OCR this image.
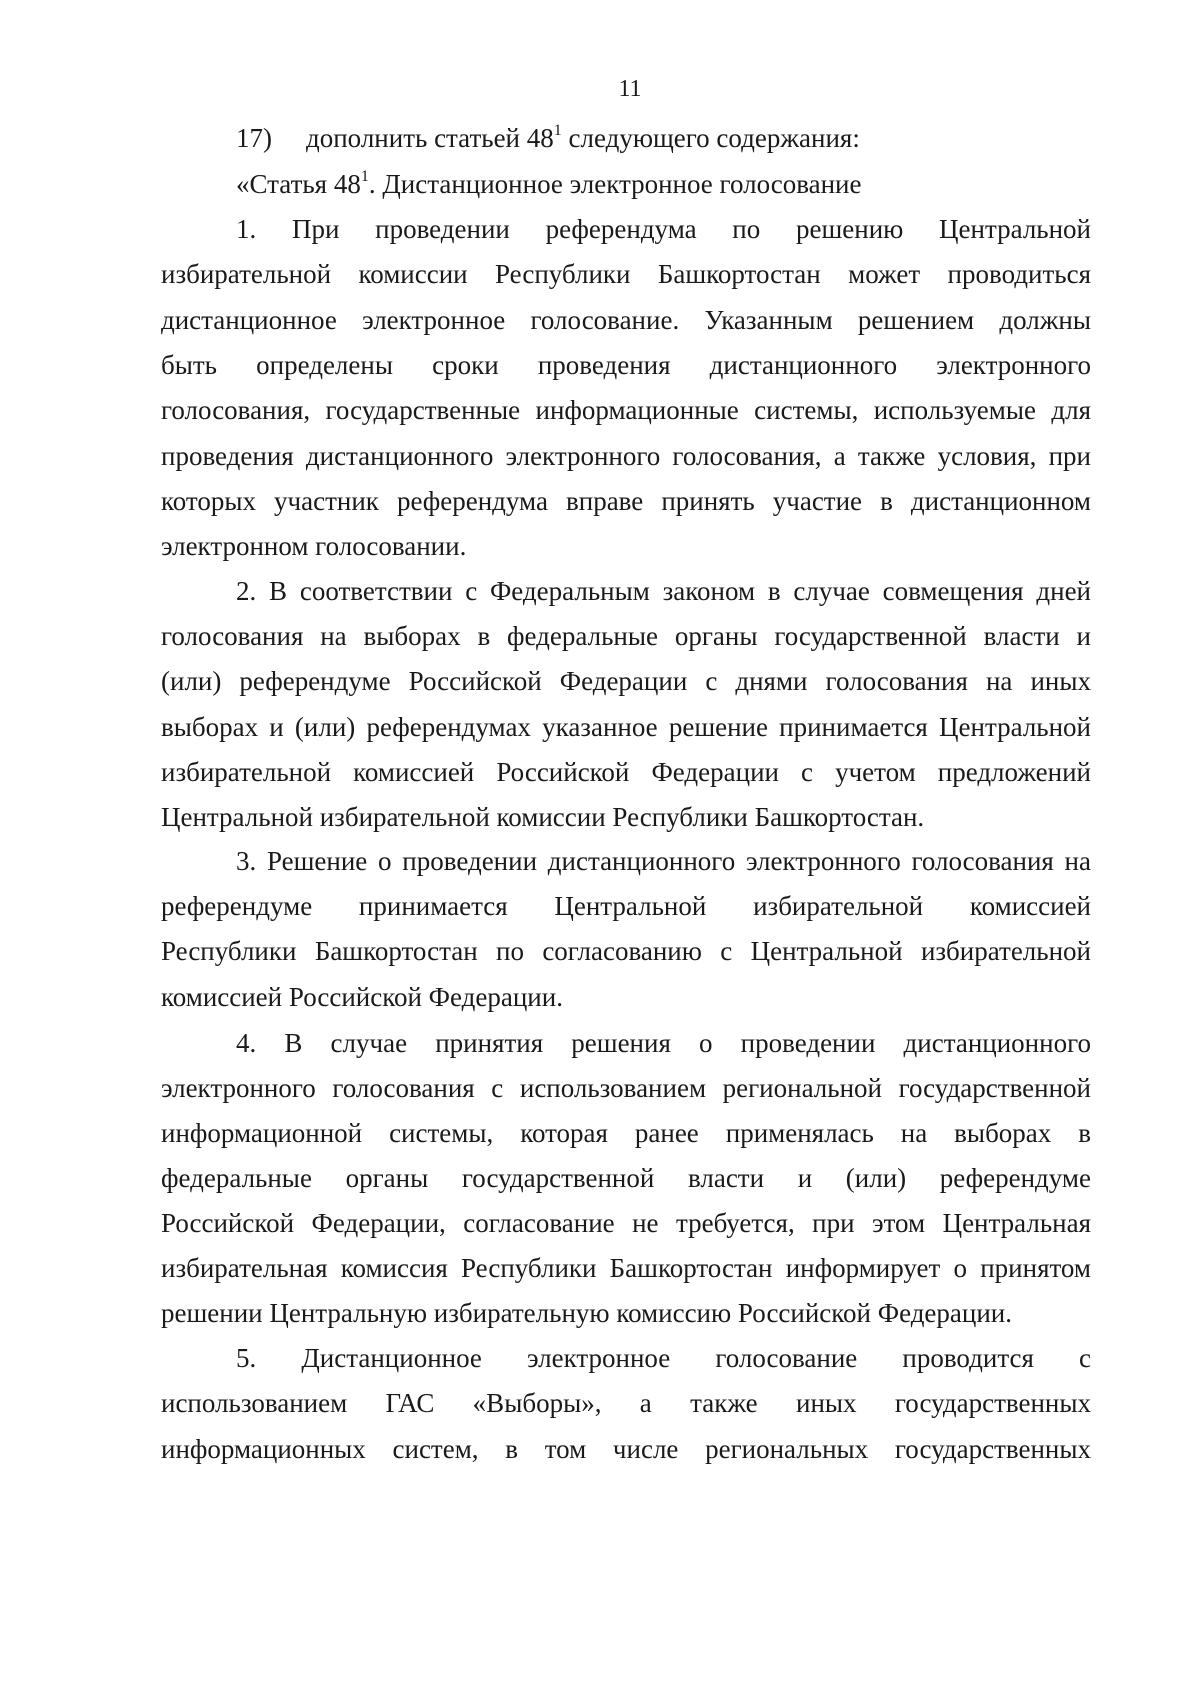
11
17) дополнить статьей $48^1$ следующего содержания:
«Статья $48^1$. Дистанционное электронное голосование
1. При проведении референдума по решению Центральной
избирательной комиссии Республики Башкортостан может проводиться
дистанционное электронное голосование. Указанным решением должны
быть определены сроки проведения дистанционного электронного
голосования, государственные информационные системы, используемые для
проведения дистанционного электронного голосования, а также условия, при
которых участник референдума вправе принять участие в дистанционном
электронном голосовании.
2. В соответствии с Федеральным законом в случае совмещения дней
голосования на выборах в федеральные органы государственной власти и
(или) референдуме Российской Федерации с днями голосования на иных
выборах и (или) референдумах указанное решение принимается Центральной
избирательной комиссией Российской Федерации с учетом предложений
Центральной избирательной комиссии Республики Башкортостан.
3. Решение о проведении дистанционного электронного голосования на
референдуме принимается Центральной избирательной комиссией
Республики Башкортостан по согласованию с Центральной избирательной
комиссией Российской Федерации.
4. В случае принятия решения о проведении дистанционного
электронного голосования с использованием региональной государственной
информационной системы, которая ранее применялась на выборах в
федеральные органы государственной власти и (или) референдуме
Российской Федерации, согласование не требуется, при этом Центральная
избирательная комиссия Республики Башкортостан информирует о принятом
решении Центральную избирательную комиссию Российской Федерации.
5. Дистанционное электронное голосование проводится с
использованием ГАС «Выборы», а также иных государственных
информационных систем, в том числе региональных государственных
